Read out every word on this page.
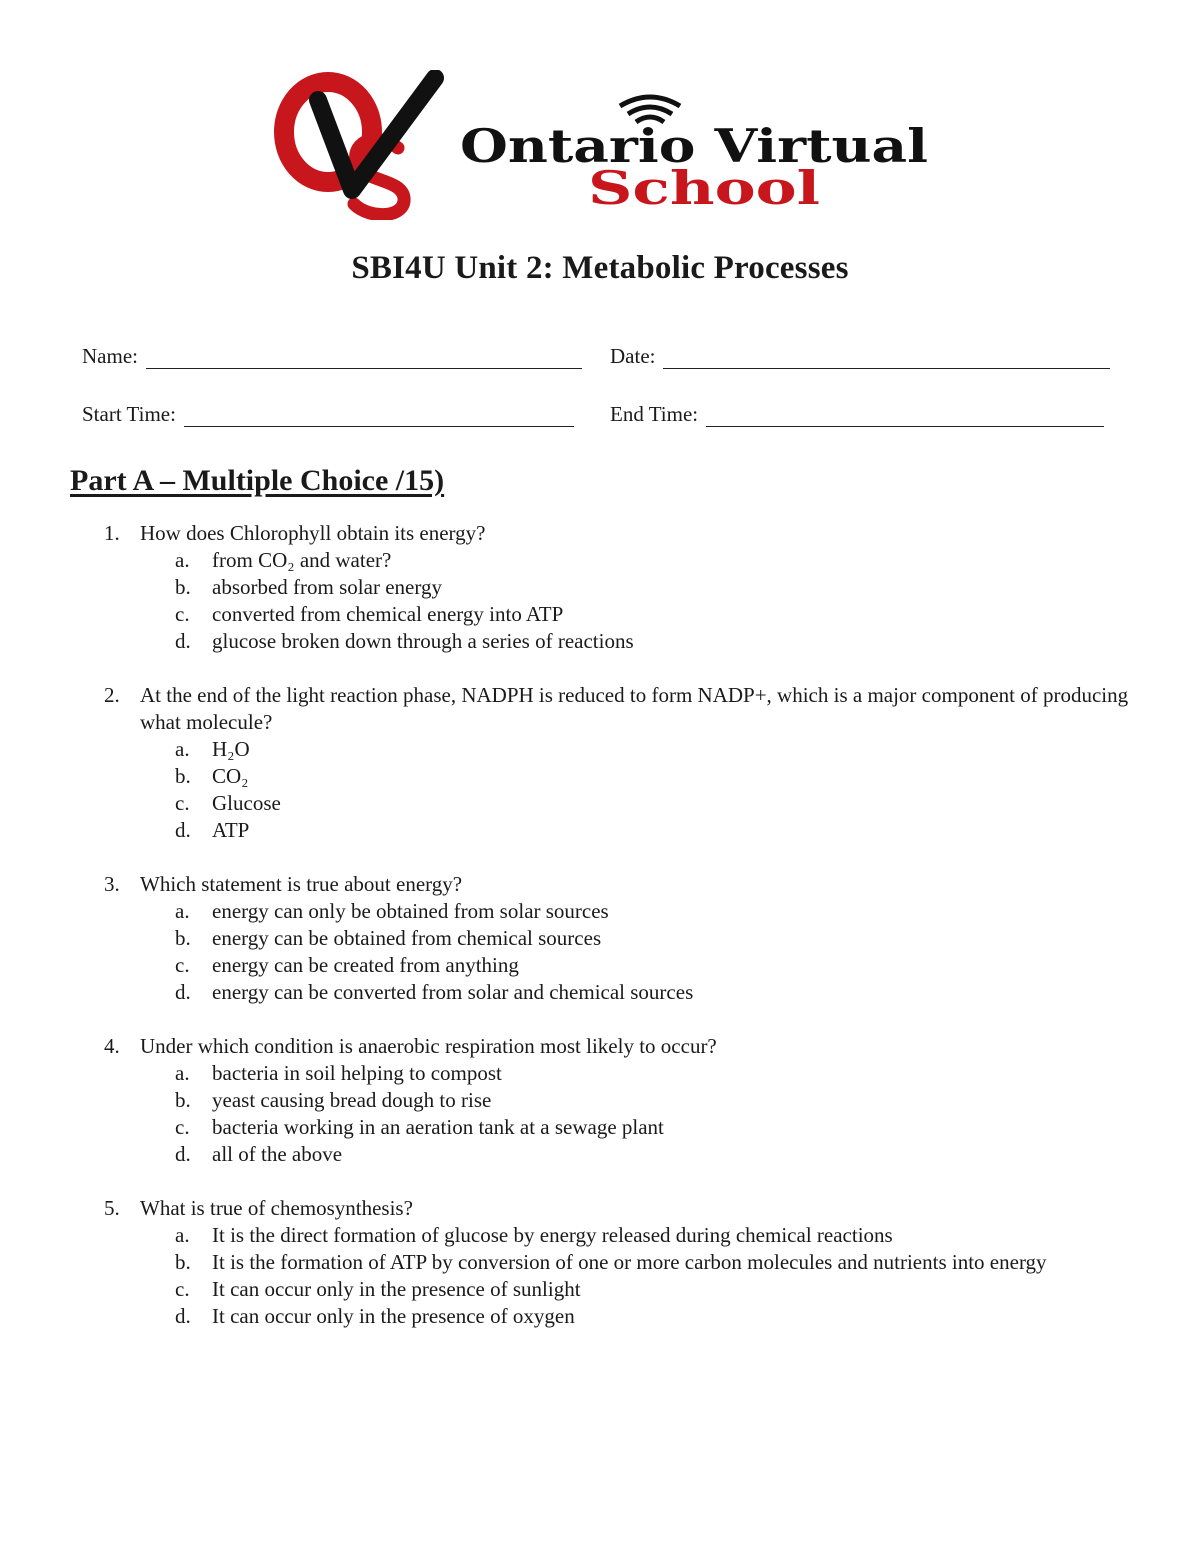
Ontario Virtual
School
SBI4U Unit 2: Metabolic Processes
Name:	Date:
Start Time:	End Time:
Part A – Multiple Choice /15)
1. How does Chlorophyll obtain its energy?
a. from CO₂ and water?
b. absorbed from solar energy
c. converted from chemical energy into ATP
d. glucose broken down through a series of reactions
2. At the end of the light reaction phase, NADPH is reduced to form NADP+, which is a major component of producing what molecule?
a. H₂O
b. CO₂
c. Glucose
d. ATP
3. Which statement is true about energy?
a. energy can only be obtained from solar sources
b. energy can be obtained from chemical sources
c. energy can be created from anything
d. energy can be converted from solar and chemical sources
4. Under which condition is anaerobic respiration most likely to occur?
a. bacteria in soil helping to compost
b. yeast causing bread dough to rise
c. bacteria working in an aeration tank at a sewage plant
d. all of the above
5. What is true of chemosynthesis?
a. It is the direct formation of glucose by energy released during chemical reactions
b. It is the formation of ATP by conversion of one or more carbon molecules and nutrients into energy
c. It can occur only in the presence of sunlight
d. It can occur only in the presence of oxygen
